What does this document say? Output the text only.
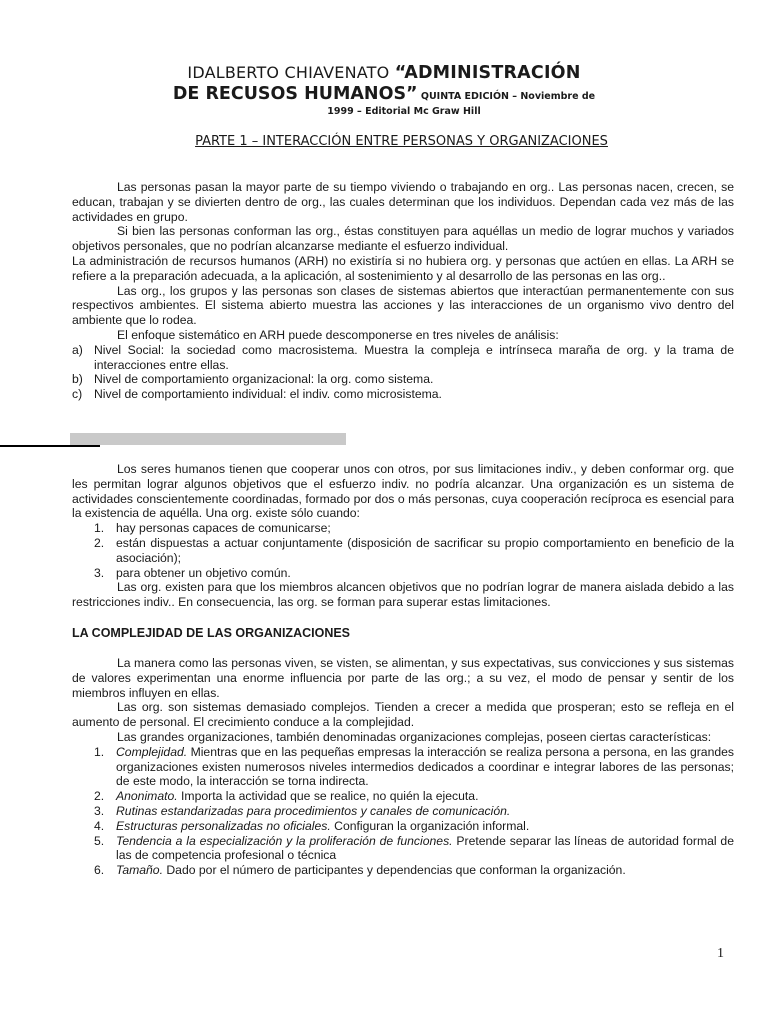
IDALBERTO CHIAVENATO “ADMINISTRACIÓN
DE RECUSOS HUMANOS” QUINTA EDICIÓN – Noviembre de
1999 – Editorial Mc Graw Hill
PARTE 1 – INTERACCIÓN ENTRE PERSONAS Y ORGANIZACIONES

Las personas pasan la mayor parte de su tiempo viviendo o trabajando en org.. Las personas nacen, crecen, se educan, trabajan y se divierten dentro de org., las cuales determinan que los individuos. Dependan cada vez más de las actividades en grupo.

Si bien las personas conforman las org., éstas constituyen para aquéllas un medio de lograr muchos y variados objetivos personales, que no podrían alcanzarse mediante el esfuerzo individual.

La administración de recursos humanos (ARH) no existiría si no hubiera org. y personas que actúen en ellas. La ARH se refiere a la preparación adecuada, a la aplicación, al sostenimiento y al desarrollo de las personas en las org..

Las org., los grupos y las personas son clases de sistemas abiertos que interactúan permanentemente con sus respectivos ambientes. El sistema abierto muestra las acciones y las interacciones de un organismo vivo dentro del ambiente que lo rodea.

El enfoque sistemático en ARH puede descomponerse en tres niveles de análisis:

a) Nivel Social: la sociedad como macrosistema. Muestra la compleja e intrínseca maraña de org. y la trama de interacciones entre ellas.
b) Nivel de comportamiento organizacional: la org. como sistema.
c) Nivel de comportamiento individual: el indiv. como microsistema.

Los seres humanos tienen que cooperar unos con otros, por sus limitaciones indiv., y deben conformar org. que les permitan lograr algunos objetivos que el esfuerzo indiv. no podría alcanzar. Una organización es un sistema de actividades conscientemente coordinadas, formado por dos o más personas, cuya cooperación recíproca es esencial para la existencia de aquélla. Una org. existe sólo cuando:

1. hay personas capaces de comunicarse;
2. están dispuestas a actuar conjuntamente (disposición de sacrificar su propio comportamiento en beneficio de la asociación);
3. para obtener un objetivo común.

Las org. existen para que los miembros alcancen objetivos que no podrían lograr de manera aislada debido a las restricciones indiv.. En consecuencia, las org. se forman para superar estas limitaciones.

LA COMPLEJIDAD DE LAS ORGANIZACIONES

La manera como las personas viven, se visten, se alimentan, y sus expectativas, sus convicciones y sus sistemas de valores experimentan una enorme influencia por parte de las org.; a su vez, el modo de pensar y sentir de los miembros influyen en ellas.

Las org. son sistemas demasiado complejos. Tienden a crecer a medida que prosperan; esto se refleja en el aumento de personal. El crecimiento conduce a la complejidad.

Las grandes organizaciones, también denominadas organizaciones complejas, poseen ciertas características:

1. Complejidad. Mientras que en las pequeñas empresas la interacción se realiza persona a persona, en las grandes organizaciones existen numerosos niveles intermedios dedicados a coordinar e integrar labores de las personas; de este modo, la interacción se torna indirecta.
2. Anonimato. Importa la actividad que se realice, no quién la ejecuta.
3. Rutinas estandarizadas para procedimientos y canales de comunicación.
4. Estructuras personalizadas no oficiales. Configuran la organización informal.
5. Tendencia a la especialización y la proliferación de funciones. Pretende separar las líneas de autoridad formal de las de competencia profesional o técnica
6. Tamaño. Dado por el número de participantes y dependencias que conforman la organización.
1
